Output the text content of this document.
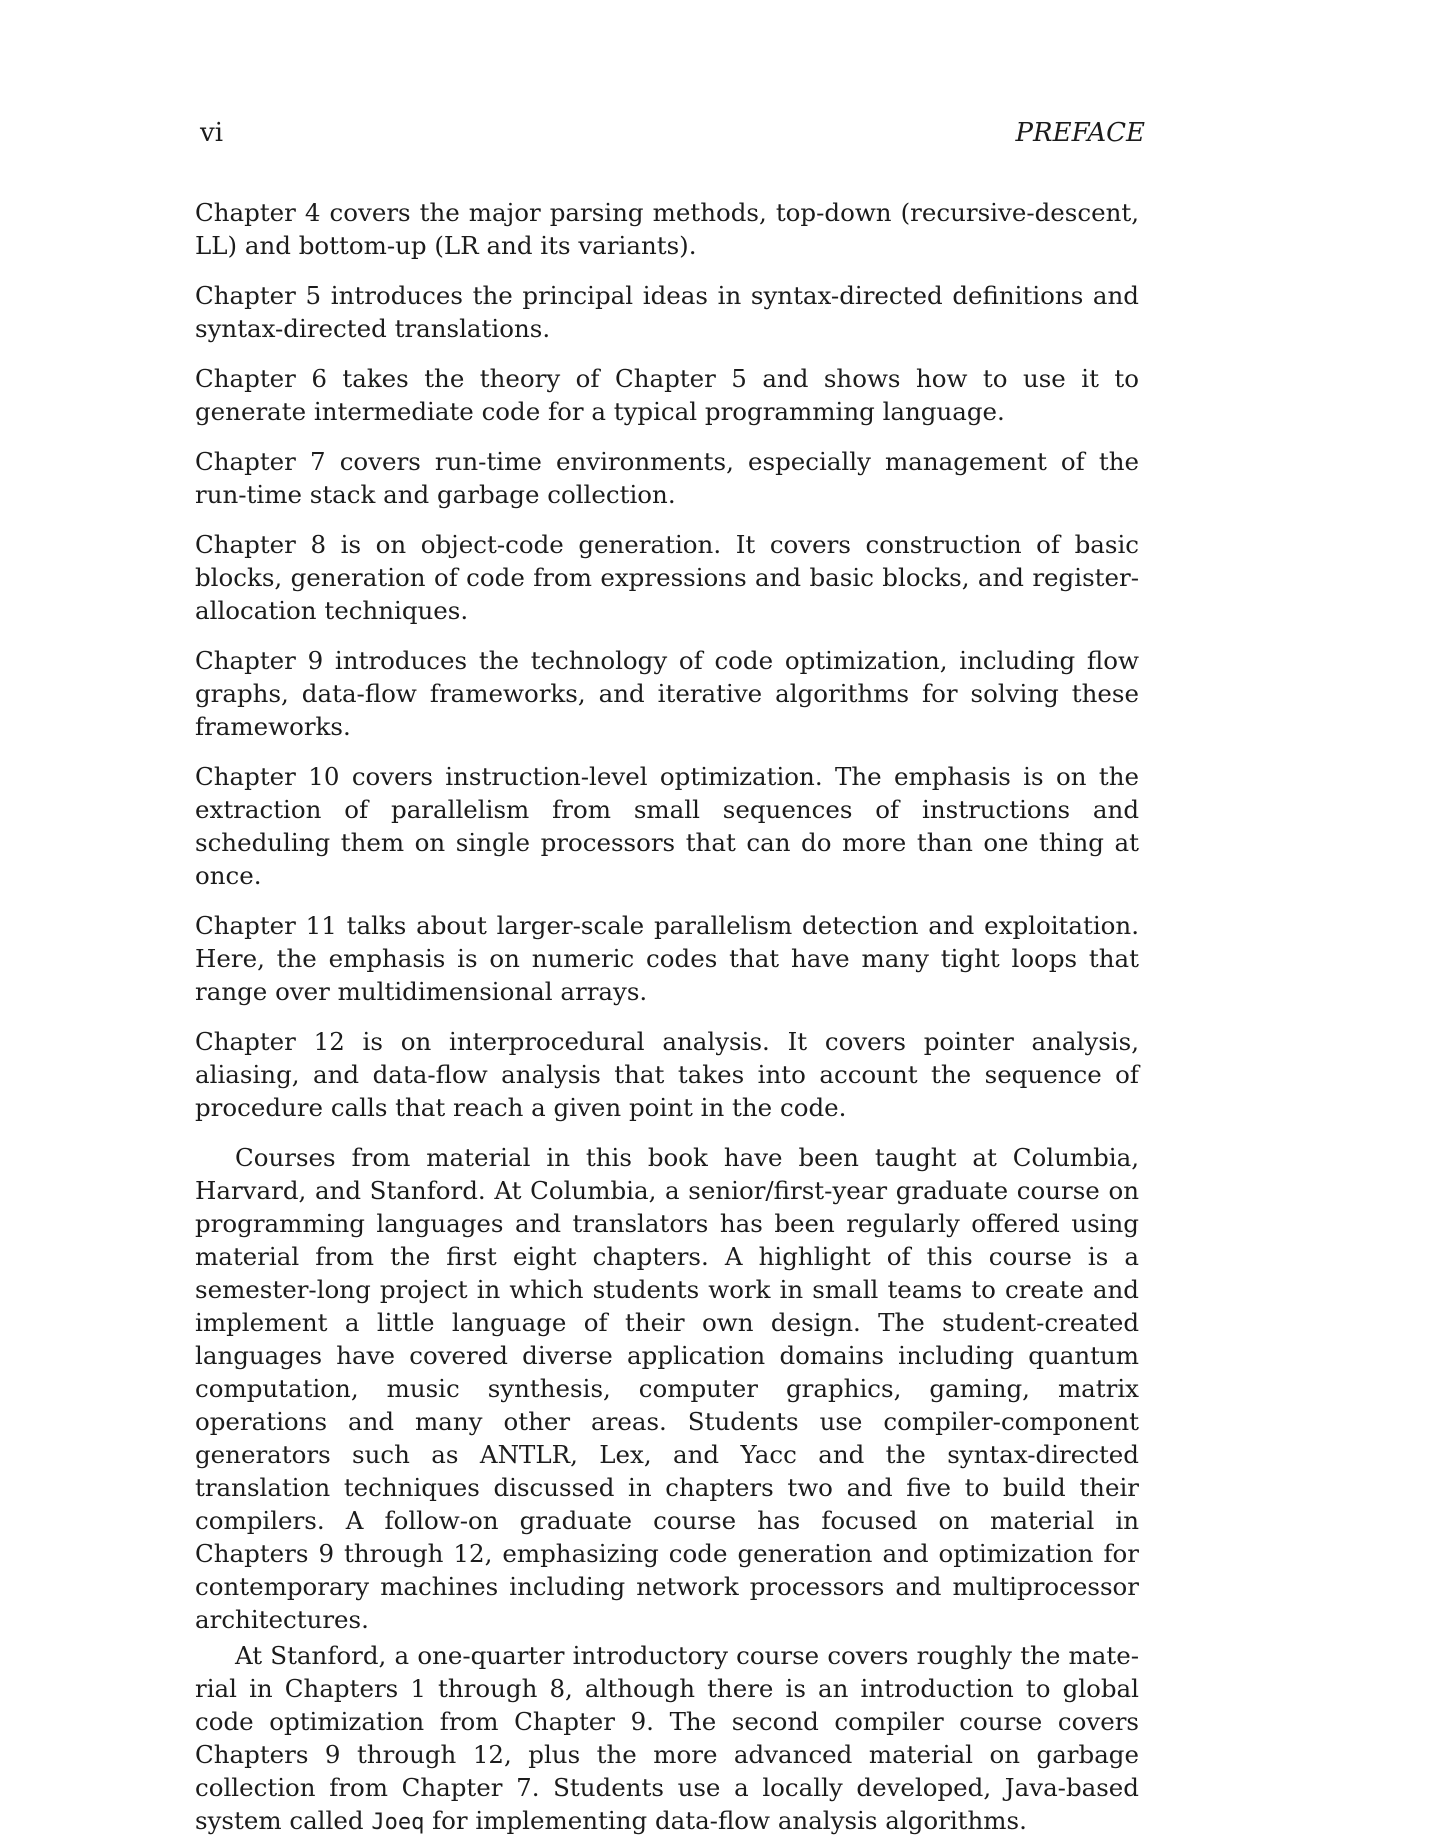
vi	PREFACE

Chapter 4 covers the major parsing methods, top-down (recursive-descent, LL) and bottom-up (LR and its variants).

Chapter 5 introduces the principal ideas in syntax-directed definitions and syntax-directed translations.

Chapter 6 takes the theory of Chapter 5 and shows how to use it to generate intermediate code for a typical programming language.

Chapter 7 covers run-time environments, especially management of the run-time stack and garbage collection.

Chapter 8 is on object-code generation. It covers construction of basic blocks, generation of code from expressions and basic blocks, and register-allocation techniques.

Chapter 9 introduces the technology of code optimization, including flow graphs, data-flow frameworks, and iterative algorithms for solving these frameworks.

Chapter 10 covers instruction-level optimization. The emphasis is on the extraction of parallelism from small sequences of instructions and scheduling them on single processors that can do more than one thing at once.

Chapter 11 talks about larger-scale parallelism detection and exploitation. Here, the emphasis is on numeric codes that have many tight loops that range over multidimensional arrays.

Chapter 12 is on interprocedural analysis. It covers pointer analysis, aliasing, and data-flow analysis that takes into account the sequence of procedure calls that reach a given point in the code.

Courses from material in this book have been taught at Columbia, Harvard, and Stanford. At Columbia, a senior/first-year graduate course on programming languages and translators has been regularly offered using material from the first eight chapters. A highlight of this course is a semester-long project in which students work in small teams to create and implement a little language of their own design. The student-created languages have covered diverse application domains including quantum computation, music synthesis, computer graphics, gaming, matrix operations and many other areas. Students use compiler-component generators such as ANTLR, Lex, and Yacc and the syntax-directed translation techniques discussed in chapters two and five to build their compilers. A follow-on graduate course has focused on material in Chapters 9 through 12, emphasizing code generation and optimization for contemporary machines including network processors and multiprocessor architectures.

At Stanford, a one-quarter introductory course covers roughly the material in Chapters 1 through 8, although there is an introduction to global code optimization from Chapter 9. The second compiler course covers Chapters 9 through 12, plus the more advanced material on garbage collection from Chapter 7. Students use a locally developed, Java-based system called Joeq for implementing data-flow analysis algorithms.
